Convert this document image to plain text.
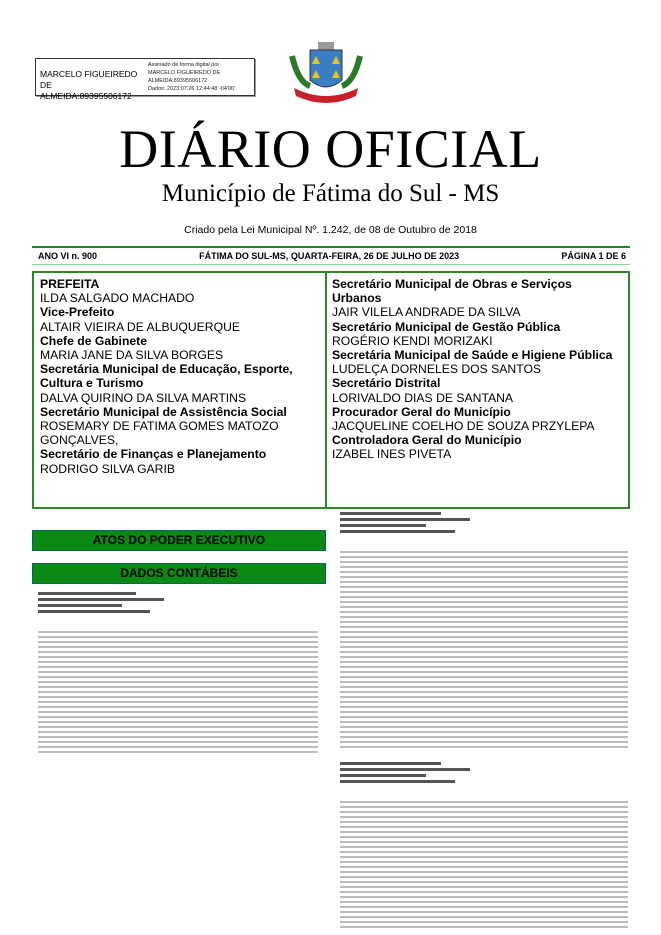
MARCELO FIGUEIREDO DE ALMEIDA:89395506172
Assinado de forma digital por
MARCELO FIGUEIREDO DE
ALMEIDA:89395506172
Dados: 2023.07.26 12:44:48 -04'00'
DIÁRIO OFICIAL
Município de Fátima do Sul - MS
Criado pela Lei Municipal Nº. 1.242, de 08 de Outubro de 2018
ANO VI n. 900	FÁTIMA DO SUL-MS, QUARTA-FEIRA, 26 DE JULHO DE 2023	PÁGINA 1 DE 6
PREFEITA
ILDA SALGADO MACHADO
Vice-Prefeito
ALTAIR VIEIRA DE ALBUQUERQUE
Chefe de Gabinete
MARIA JANE DA SILVA BORGES
Secretária Municipal de Educação, Esporte, Cultura e Turismo
DALVA QUIRINO DA SILVA MARTINS
Secretário Municipal de Assistência Social
ROSEMARY DE FATIMA GOMES MATOZO GONÇALVES,
Secretário de Finanças e Planejamento
RODRIGO SILVA GARIB
Secretário Municipal de Obras e Serviços Urbanos
JAIR VILELA ANDRADE DA SILVA
Secretário Municipal de Gestão Pública
ROGÉRIO KENDI MORIZAKI
Secretária Municipal de Saúde e Higiene Pública
LUDELÇA DORNELES DOS SANTOS
Secretário Distrital
LORIVALDO DIAS DE SANTANA
Procurador Geral do Município
JACQUELINE COELHO DE SOUZA PRZYLEPA
Controladora Geral do Município
IZABEL INES PIVETA
ATOS DO PODER EXECUTIVO
DADOS CONTÁBEIS
